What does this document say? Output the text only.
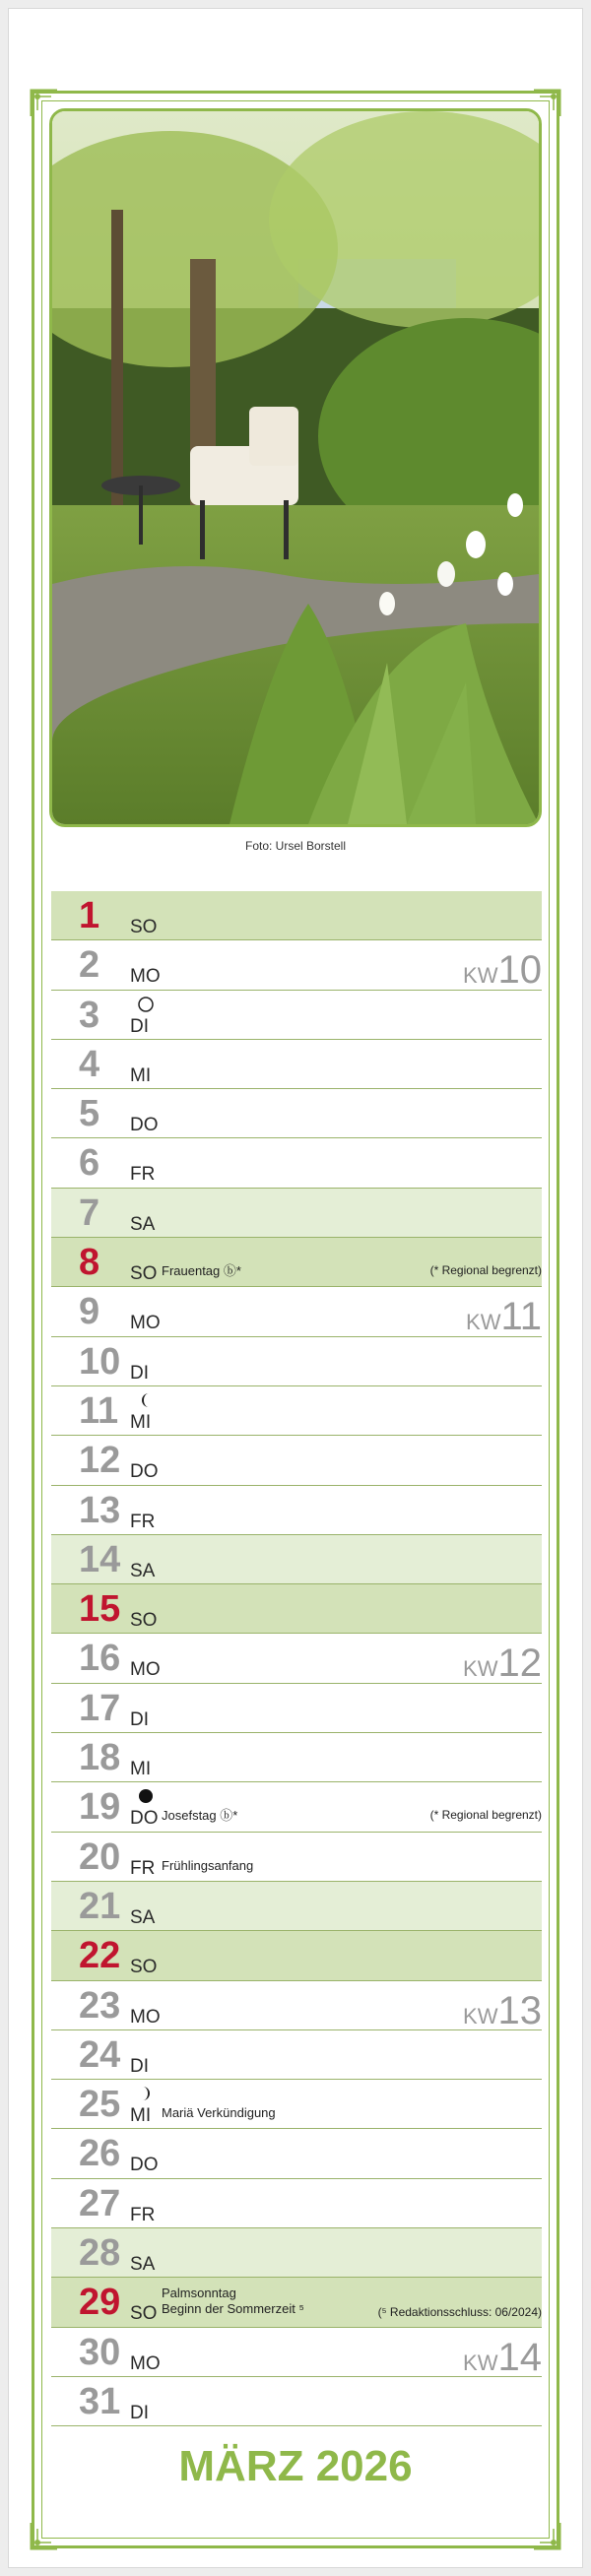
Foto: Ursel Borstell
1	SO
2	MO	KW10
3	DI
4	MI
5	DO
6	FR
7	SA
8	SO Frauentag ⓑ*	(* Regional begrenzt)
9	MO	KW11
10 DI
11 MI
12 DO
13 FR
14 SA
15 SO
16 MO	KW12
17 DI
18 MI
19 DO Josefstag ⓑ*	(* Regional begrenzt)
20 FR Frühlingsanfang
21 SA
22 SO
23 MO	KW13
24 DI
25 MI Mariä Verkündigung
26 DO
27 FR
28 SA
29 SO
Palmsonntag
Beginn der Sommerzeit ⁵	(⁵ Redaktionsschluss: 06/2024)
30 MO	KW14
31 DI
MÄRZ 2026
